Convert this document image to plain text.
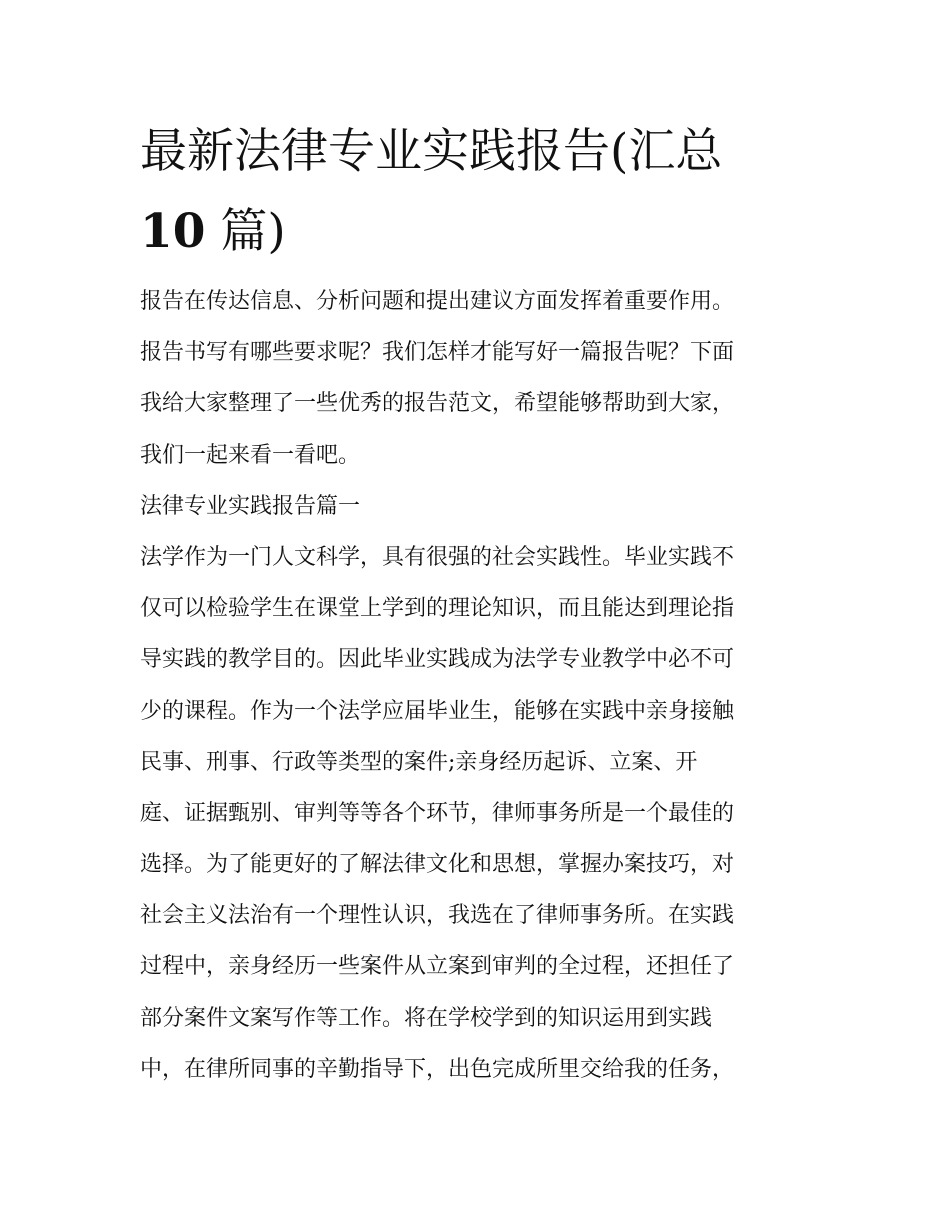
最新法律专业实践报告(汇总
10 篇)
报告在传达信息、分析问题和提出建议方面发挥着重要作用。
报告书写有哪些要求呢？我们怎样才能写好一篇报告呢？下面
我给大家整理了一些优秀的报告范文，希望能够帮助到大家，
我们一起来看一看吧。
法律专业实践报告篇一
法学作为一门人文科学，具有很强的社会实践性。毕业实践不
仅可以检验学生在课堂上学到的理论知识，而且能达到理论指
导实践的教学目的。因此毕业实践成为法学专业教学中必不可
少的课程。作为一个法学应届毕业生，能够在实践中亲身接触
民事、刑事、行政等类型的案件;亲身经历起诉、立案、开
庭、证据甄别、审判等等各个环节，律师事务所是一个最佳的
选择。为了能更好的了解法律文化和思想，掌握办案技巧，对
社会主义法治有一个理性认识，我选在了律师事务所。在实践
过程中，亲身经历一些案件从立案到审判的全过程，还担任了
部分案件文案写作等工作。将在学校学到的知识运用到实践
中，在律所同事的辛勤指导下，出色完成所里交给我的任务，
